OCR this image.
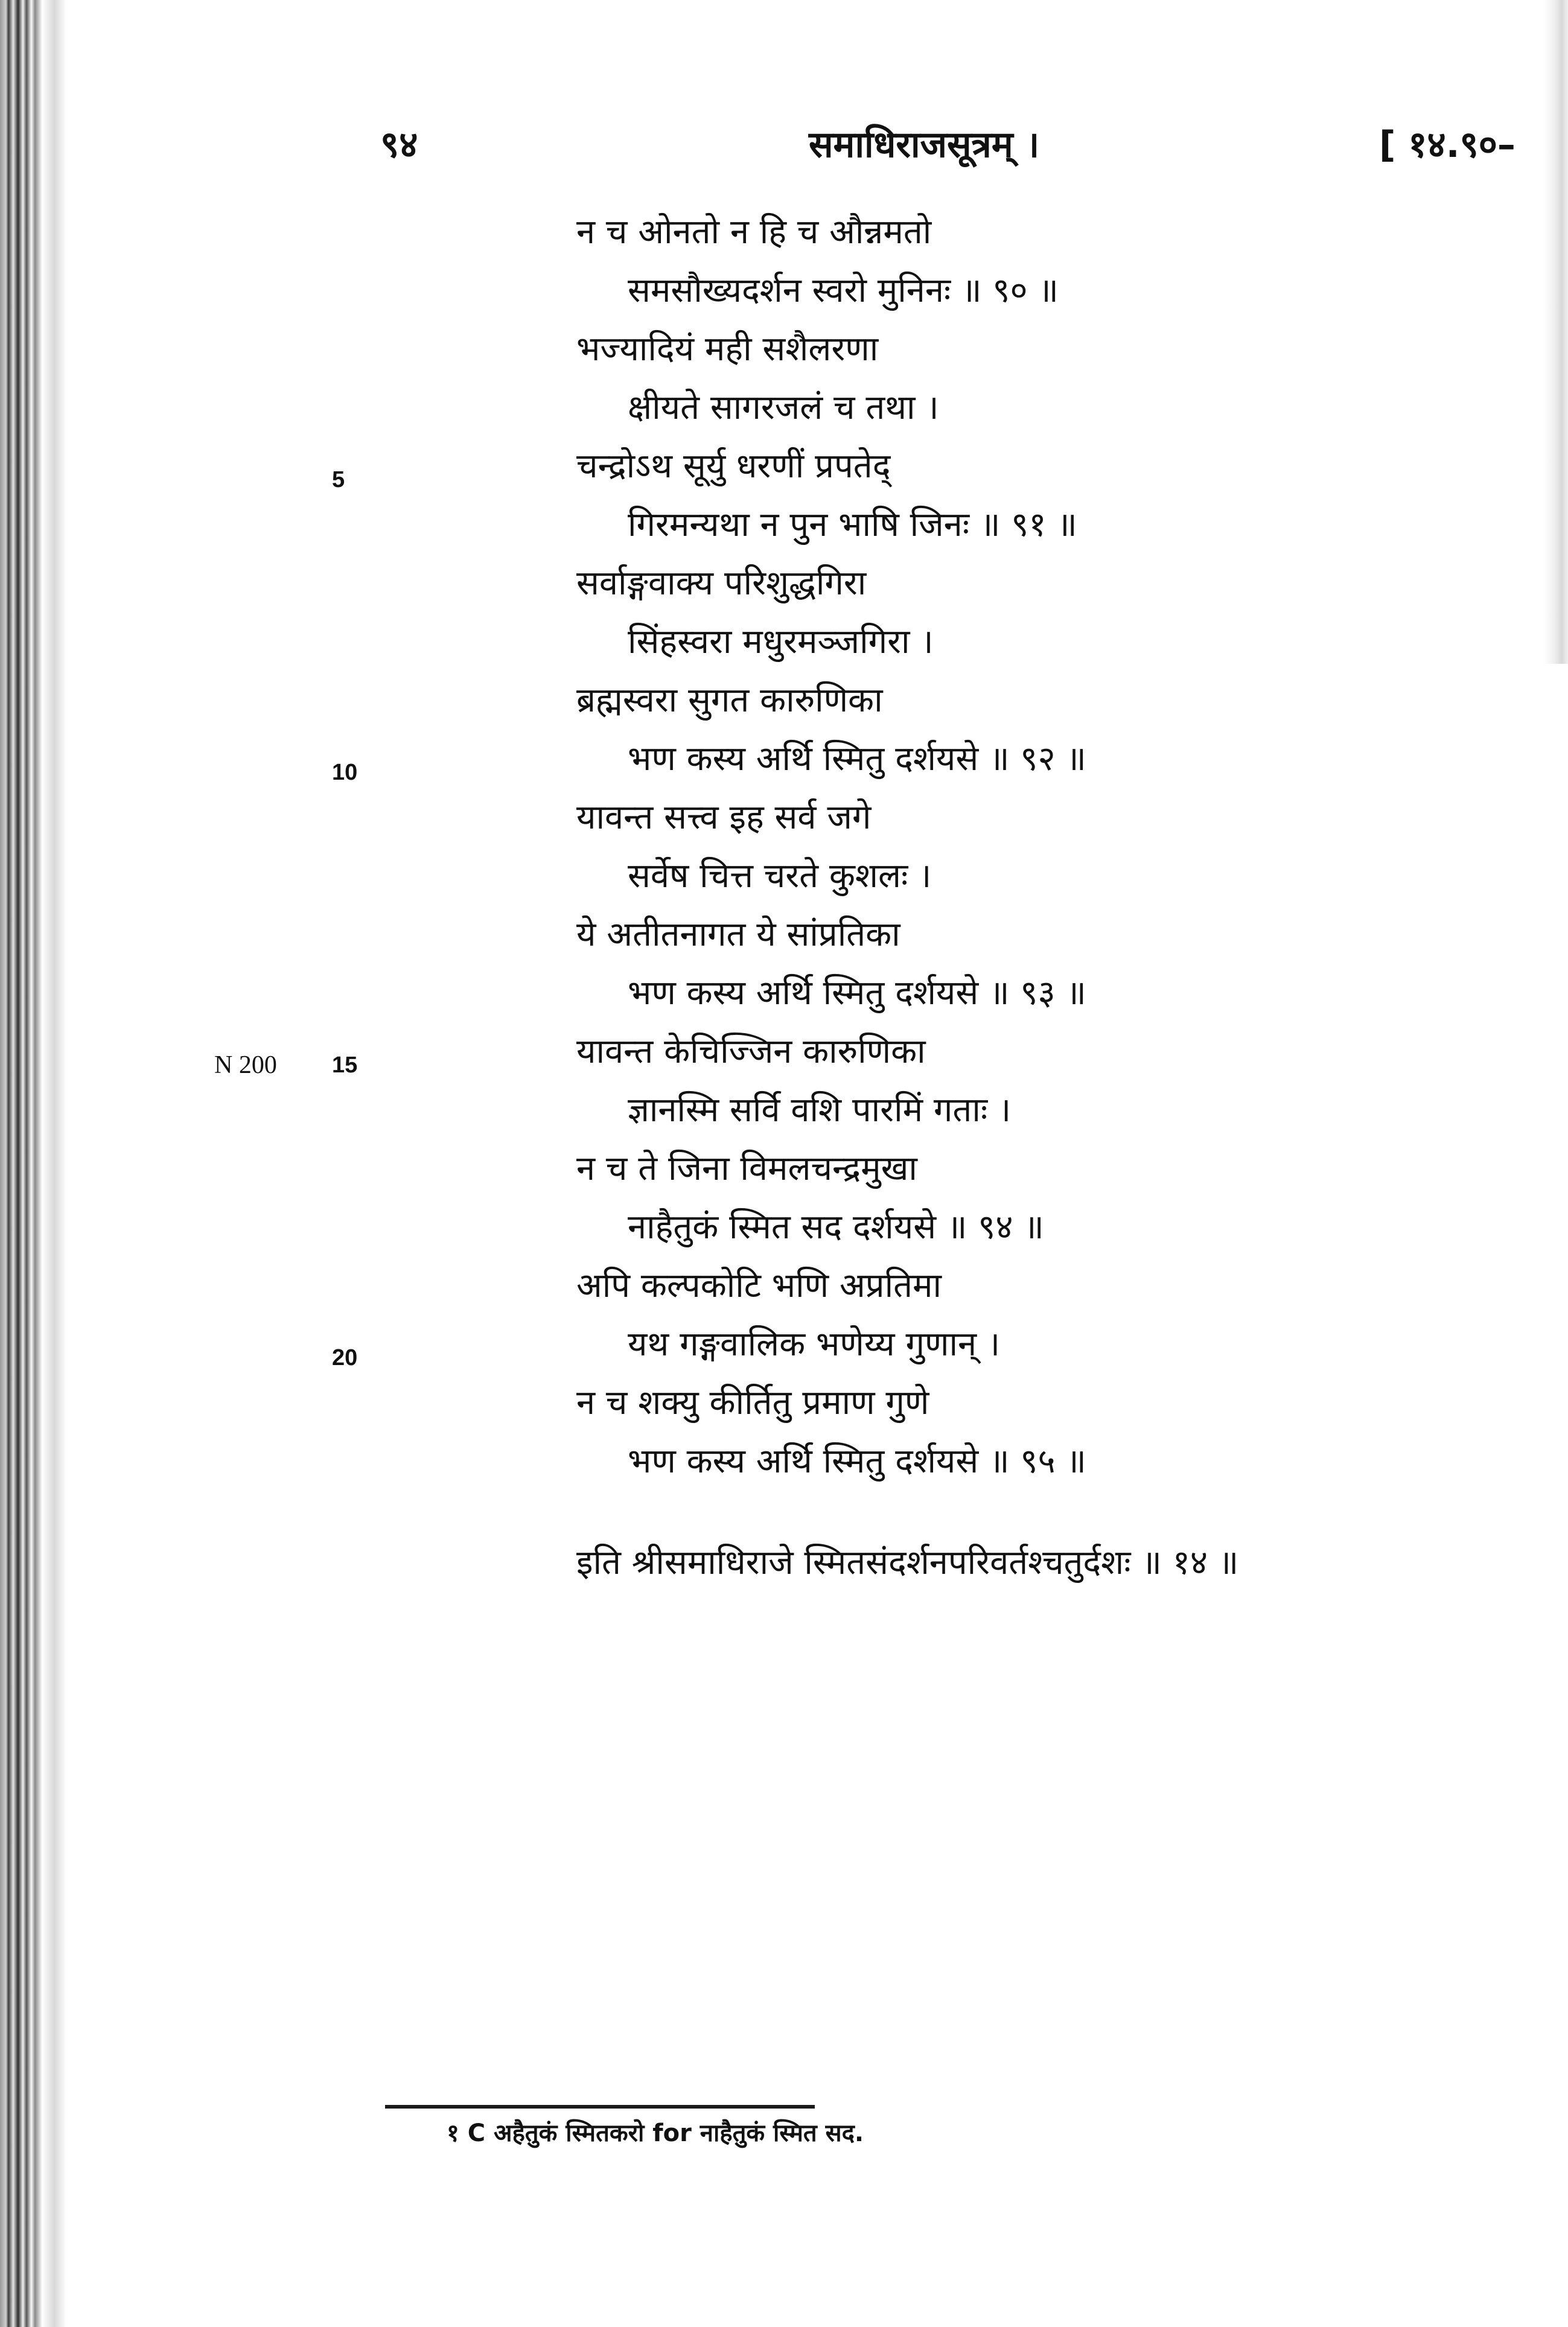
९४	समाधिराजसूत्रम् ।	[ १४.९०–
न च ओनतो न हि च औन्नमतो
समसौख्यदर्शन स्वरो मुनिनः ॥ ९० ॥
भज्यादियं मही सशैलरणा
क्षीयते सागरजलं च तथा ।
चन्द्रोऽथ सूर्यु धरणीं प्रपतेद्
गिरमन्यथा न पुन भाषि जिनः ॥ ९१ ॥
सर्वाङ्गवाक्य परिशुद्धगिरा
सिंहस्वरा मधुरमञ्जगिरा ।
ब्रह्मस्वरा सुगत कारुणिका
भण कस्य अर्थि स्मितु दर्शयसे ॥ ९२ ॥
यावन्त सत्त्व इह सर्व जगे
सर्वेष चित्त चरते कुशलः ।
ये अतीतनागत ये सांप्रतिका
भण कस्य अर्थि स्मितु दर्शयसे ॥ ९३ ॥
यावन्त केचिज्जिन कारुणिका
ज्ञानस्मि सर्वि वशि पारमिं गताः ।
न च ते जिना विमलचन्द्रमुखा
नाहैतुकं स्मित सद दर्शयसे ॥ ९४ ॥
अपि कल्पकोटि भणि अप्रतिमा
यथ गङ्गवालिक भणेय्य गुणान् ।
न च शक्यु कीर्तितु प्रमाण गुणे
भण कस्य अर्थि स्मितु दर्शयसे ॥ ९५ ॥
5
10
15
20
N 200
इति श्रीसमाधिराजे स्मितसंदर्शनपरिवर्तश्चतुर्दशः ॥ १४ ॥
१ C अहैतुकं स्मितकरो for नाहैतुकं स्मित सद.
